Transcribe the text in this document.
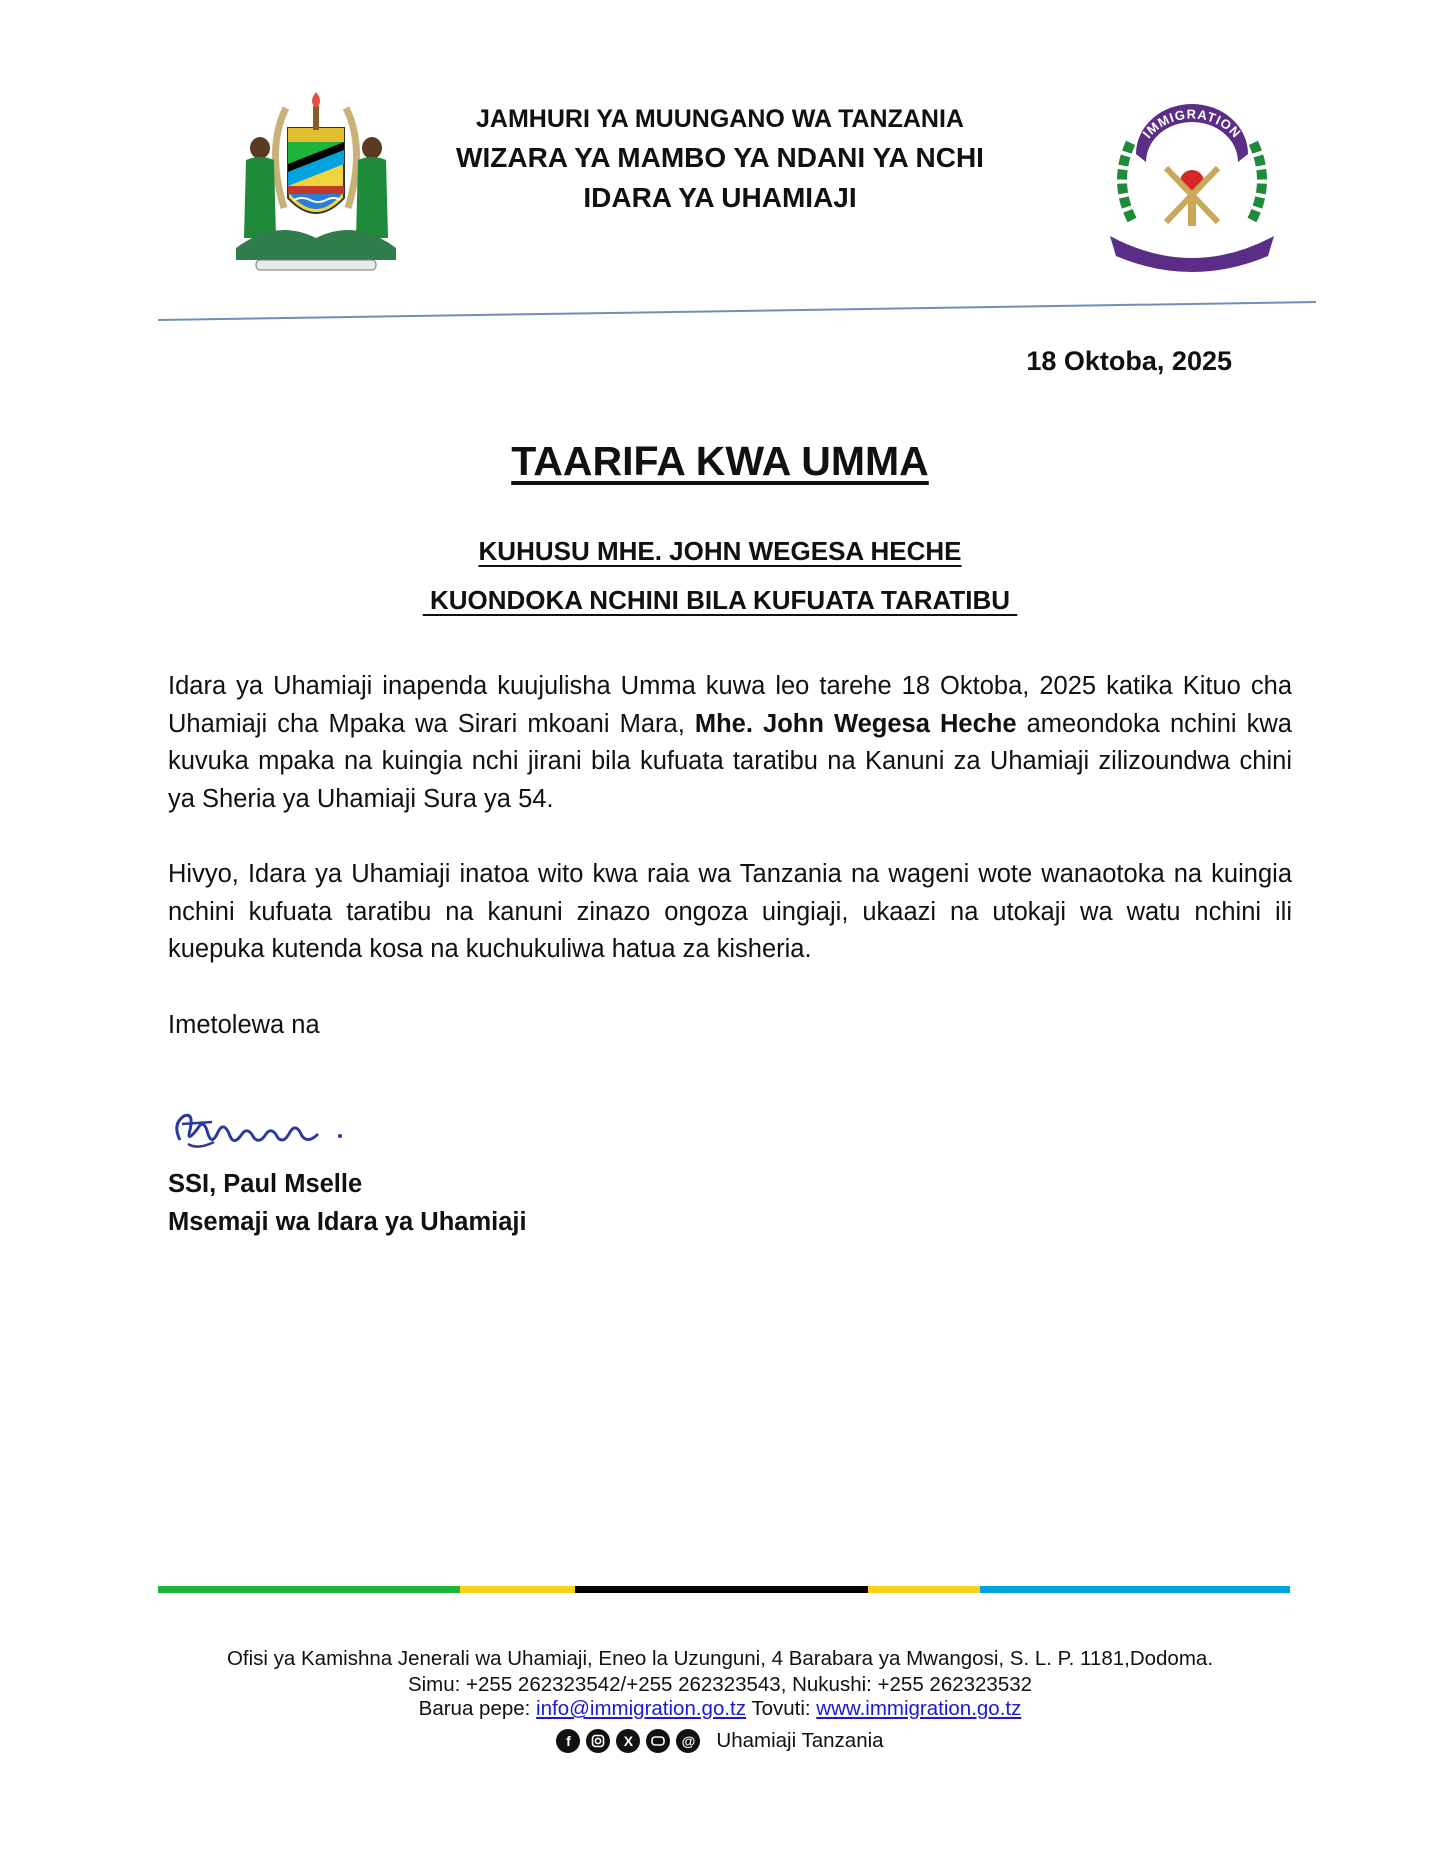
JAMHURI YA MUUNGANO WA TANZANIA
WIZARA YA MAMBO YA NDANI YA NCHI
IDARA YA UHAMIAJI
IMMIGRATION
TANZANIA
18 Oktoba, 2025
TAARIFA KWA UMMA
KUHUSU MHE. JOHN WEGESA HECHE
KUONDOKA NCHINI BILA KUFUATA TARATIBU
Idara ya Uhamiaji inapenda kuujulisha Umma kuwa leo tarehe 18 Oktoba, 2025 katika Kituo cha Uhamiaji cha Mpaka wa Sirari mkoani Mara, Mhe. John Wegesa Heche ameondoka nchini kwa kuvuka mpaka na kuingia nchi jirani bila kufuata taratibu na Kanuni za Uhamiaji zilizoundwa chini ya Sheria ya Uhamiaji Sura ya 54.
Hivyo, Idara ya Uhamiaji inatoa wito kwa raia wa Tanzania na wageni wote wanaotoka na kuingia nchini kufuata taratibu na kanuni zinazo ongoza uingiaji, ukaazi na utokaji wa watu nchini ili kuepuka kutenda kosa na kuchukuliwa hatua za kisheria.
Imetolewa na
SSI, Paul Mselle
Msemaji wa Idara ya Uhamiaji
Ofisi ya Kamishna Jenerali wa Uhamiaji, Eneo la Uzunguni, 4 Barabara ya Mwangosi, S. L. P. 1181,Dodoma.
Simu: +255 262323542/+255 262323543, Nukushi: +255 262323532
Barua pepe: info@immigration.go.tz Tovuti: www.immigration.go.tz
f	X	@ Uhamiaji Tanzania
